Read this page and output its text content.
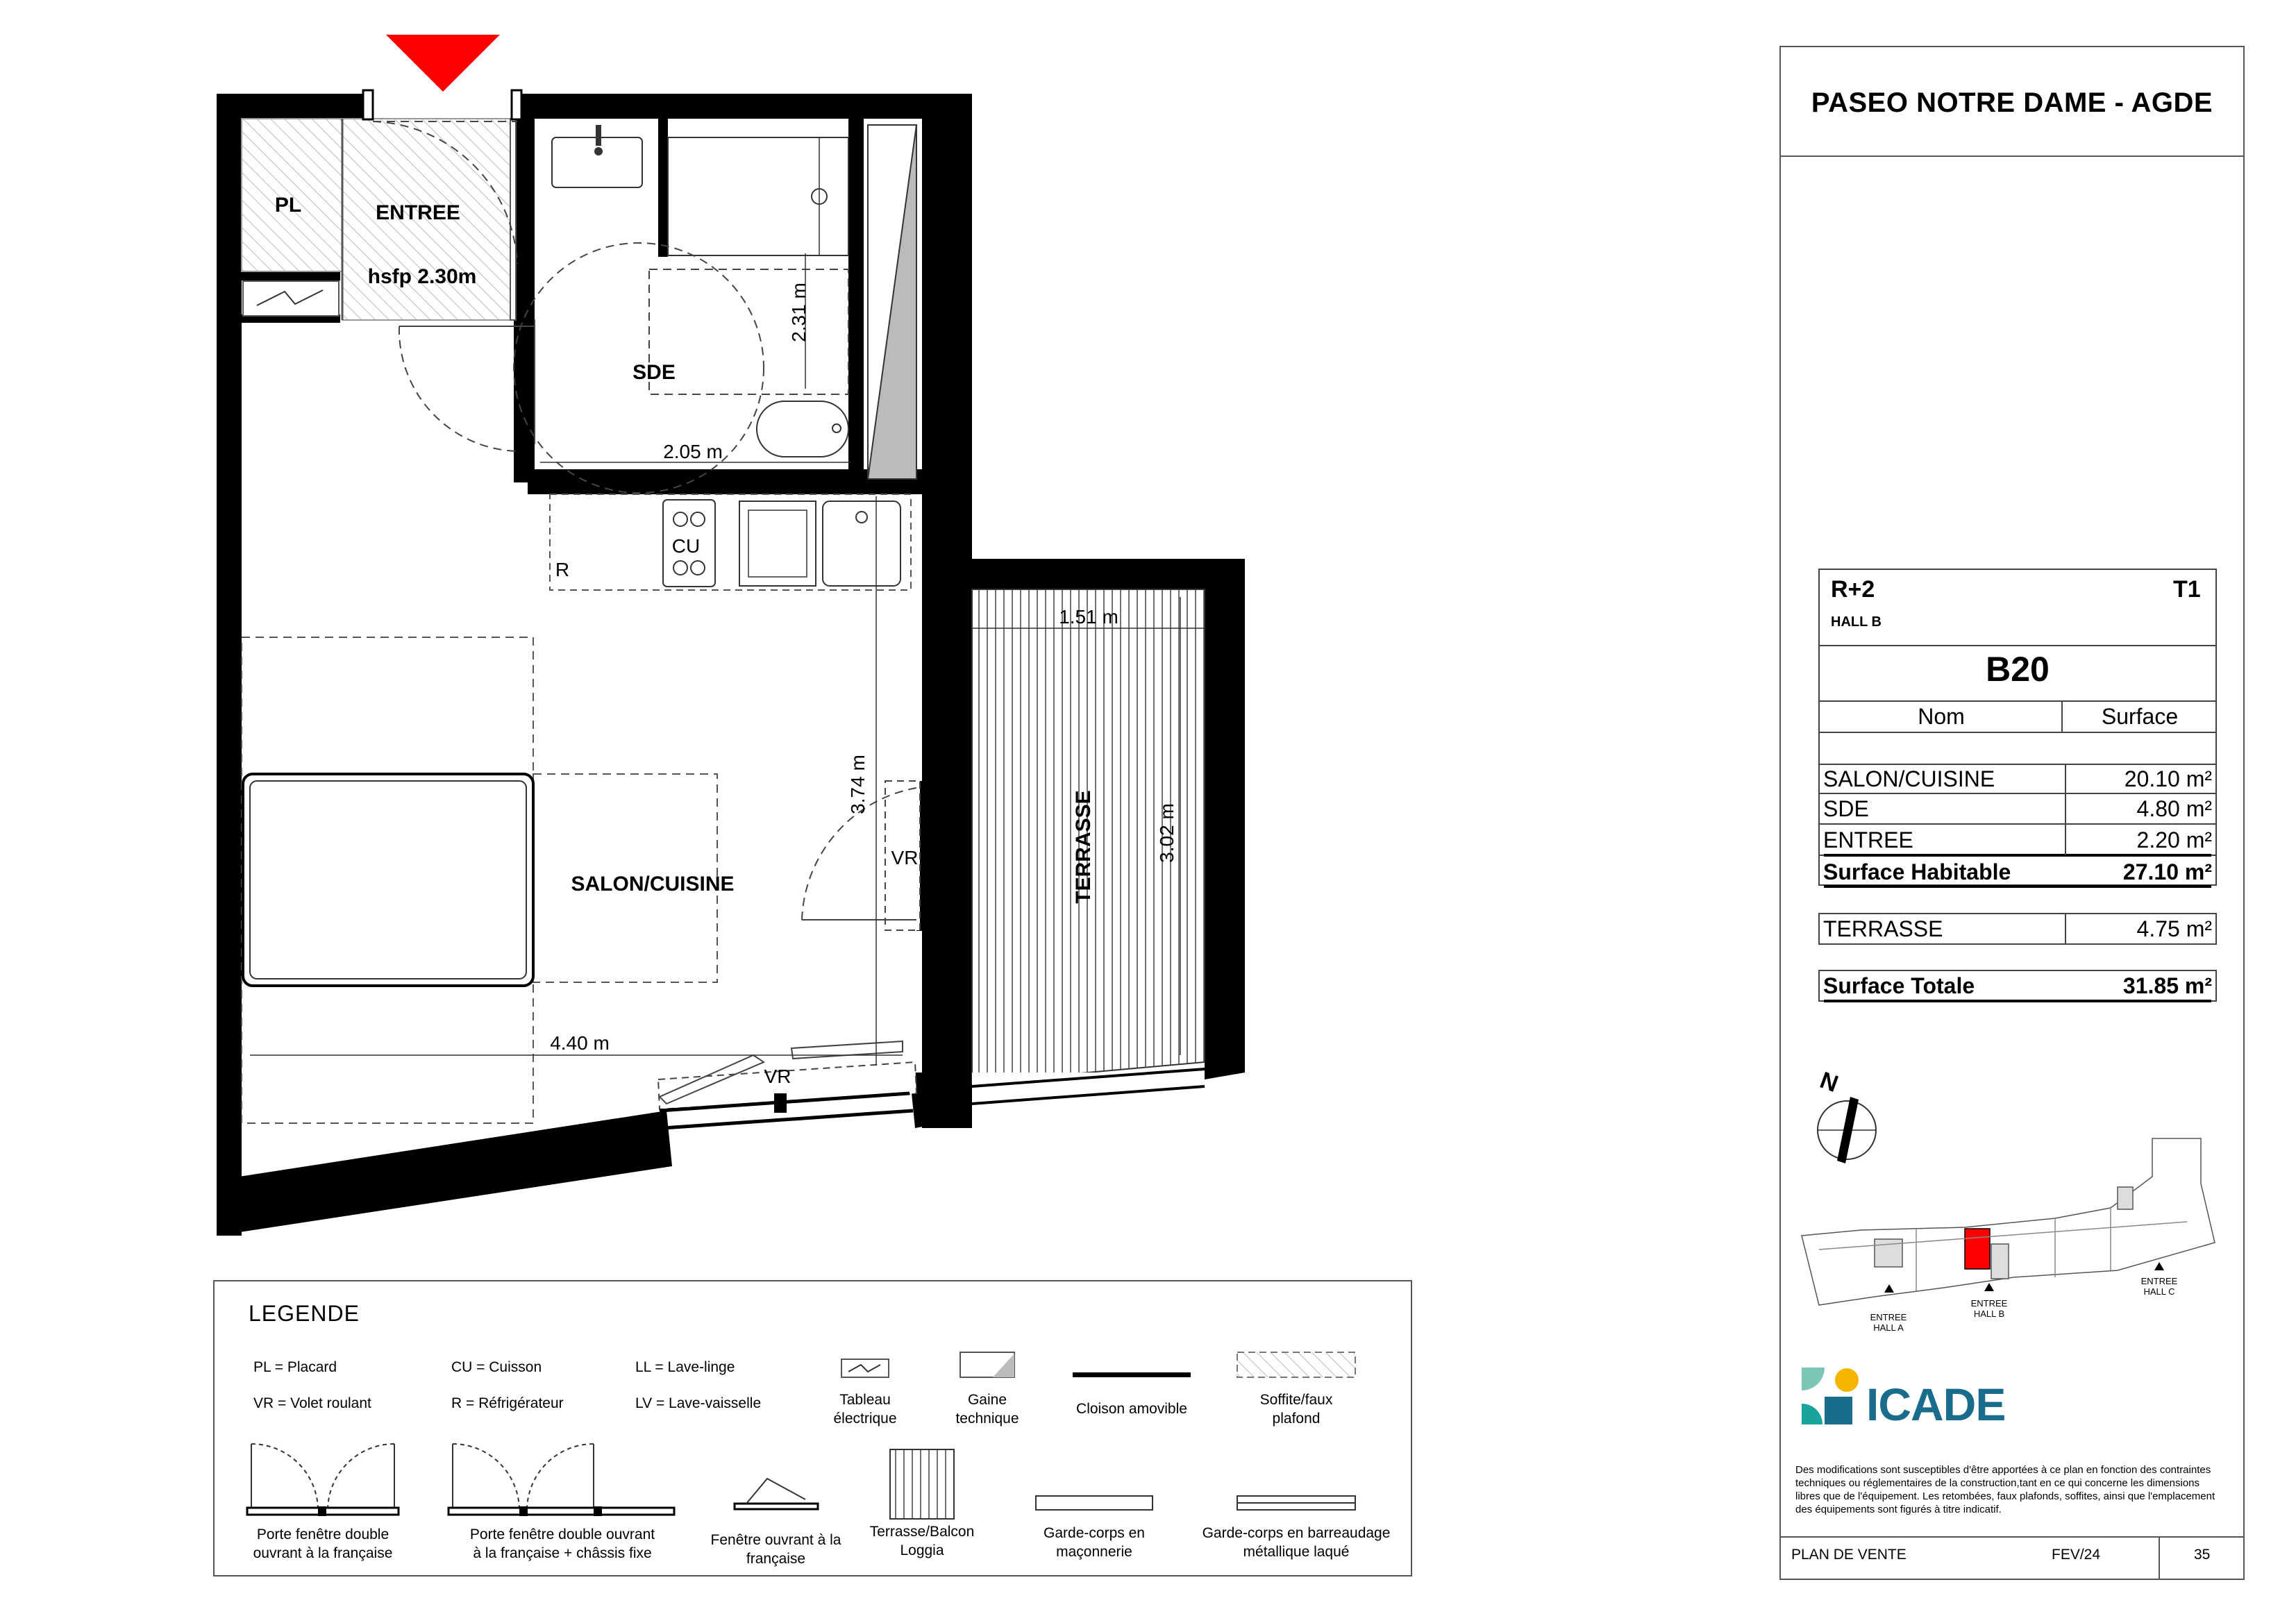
PL	ENTREE
hsfp 2.30m
SDE
SALON/CUISINE	TERRASSE
CU
R
VR
VR
2.31 m
2.05 m
1.51 m
3.74 m
3.02 m
4.40 m
LEGENDE
PL = Placard	CU = Cuisson	LL = Lave-linge
VR = Volet roulant	R = Réfrigérateur	LV = Lave-vaisselle	Tableau
électrique
Gaine
technique
Cloison amovible
Soffite/faux
plafond
Porte fenêtre double
ouvrant à la française
Porte fenêtre double ouvrant
à la française + châssis fixe
Fenêtre ouvrant à la
française
Terrasse/Balcon
Loggia
Garde-corps en
maçonnerie
Garde-corps en barreaudage
métallique laqué
PASEO NOTRE DAME - AGDE
R+2	T1
HALL B
B20
Nom	Surface
SALON/CUISINE	20.10 m²
SDE	4.80 m²
ENTREE	2.20 m²
Surface Habitable	27.10 m²
TERRASSE	4.75 m²
Surface Totale	31.85 m²
N
ENTREE
HALL A
ENTREE
HALL B
ENTREE
HALL C
ICADE
Des modifications sont susceptibles d'être apportées à ce plan en fonction des contraintes techniques ou réglementaires de la construction,tant en ce qui concerne les dimensions libres que de l'équipement. Les retombées, faux plafonds, soffites, ainsi que l'emplacement des équipements sont figurés à titre indicatif.
PLAN DE VENTE	FEV/24	35
